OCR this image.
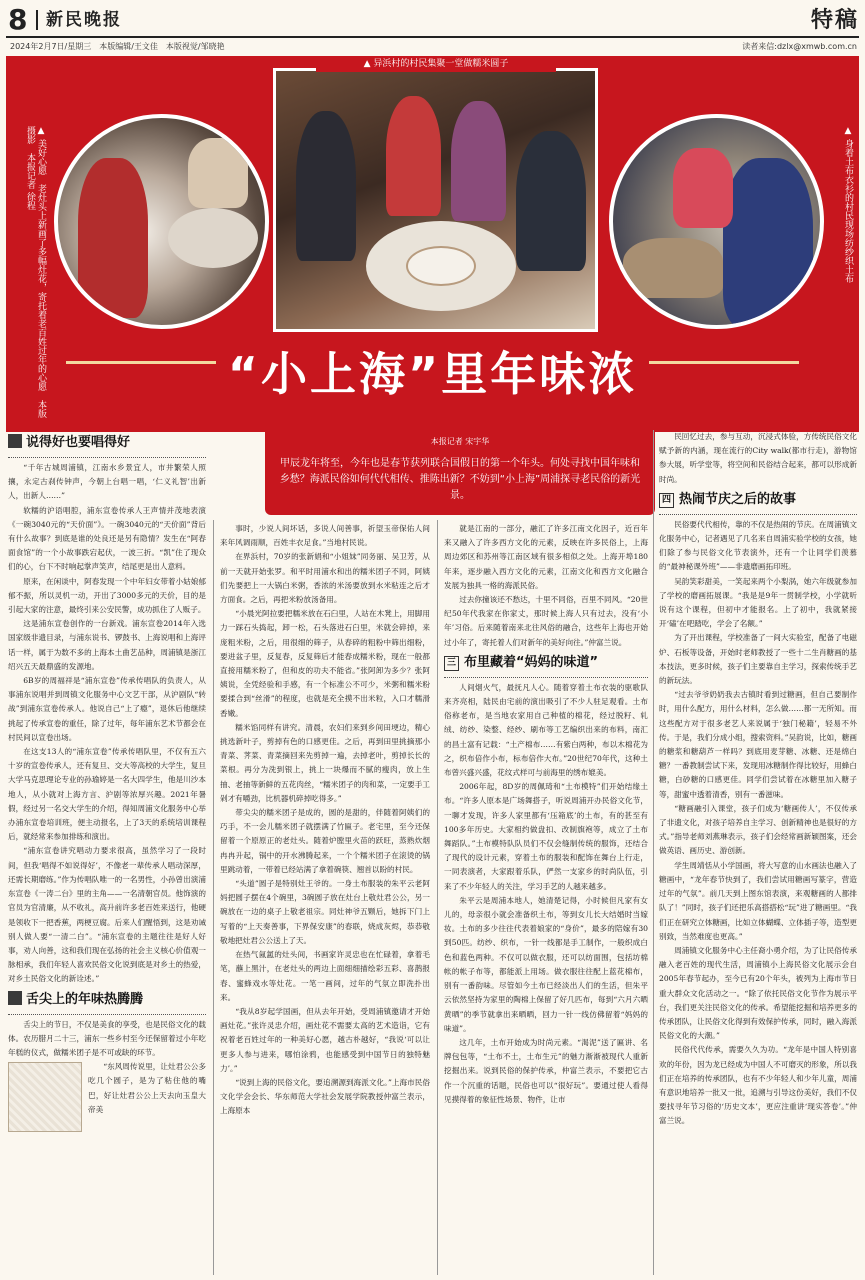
8 新民晚报	特稿
2024年2月7日/星期三　本版编辑/王文佳　本版视觉/邹晓艳	读者来信:dzlx@xmwb.com.cn
▲ 异浜村的村民集聚一堂做糯米圆子
▲ 美好心愿　老灶头上新画了多幅灶花，寄托着老百姓过年的心愿　本版摄影　本报记者 徐程	▲ 身着土布衣衫的村民现场纺纱织土布
“小上海”里年味浓
本报记者 宋宇华
甲辰龙年将至，今年也是春节获列联合国假日的第一个年头。何处寻找中国年味和乡愁？海派民俗如何代代相传、推陈出新？不妨到“小上海”周浦探寻老民俗的新光景。
说得好也要唱得好

“千年古城周浦镇，江南水乡景宜人，市井繁荣人照攘，永定古刹传钟声，今朝上台唱一唱，‘仁义礼智’出新人，出新人……”

软糯的沪语唱腔，浦东宣卷传承人王声情并茂地表演《一碗3040元的“天价面”》。一碗3040元的“天价面”背后有什么故事？到底是谁的处良还是另有隐情？发生在“阿春面食馆”的一个小故事跌宕起伏，一波三折。“凯”住了现众们的心，台下不时响起掌声笑声，结尾更是出人意料。

原来，在闲谈中，阿春发现一个中年妇女带着小姑娘郁郁不振，所以灵机一动，开出了3000多元的天价，目的是引起大家的注意，最终引来公安民警，成功抓住了人贩子。

这是浦东宣卷创作的一台新戏。浦东宣卷2014年入选国家级非遗目录，与浦东说书、锣鼓书、上海说唱和上海评话一样，属于为数不多的上海本土曲艺品种，周浦镇是浙江绍兴五天最鼎盛的发源地。

6B岁的周福祥是“浦东宣卷”传承传唱队的负责人，从事浦东说唱并到周镇文化服务中心文艺干部，从沪剧队“转战”到浦东宣卷传承人。他说自己“上了瘾”，退休后他继续挑起了传承宣卷的重任，除了过年，每年浦东艺术节都会在村民间以宣卷出场。

在这支13人的“浦东宣卷”传承传唱队里，不仅有五六十岁的宣卷传承人，还有复旦、交大等高校的大学生，复旦大学马克思理论专业的孙瑜婷是一名大四学生，他是川沙本地人，从小就对上海方言、沪剧等浓厚兴趣。2021年暑假，经过另一名交大学生的介绍，得知周浦文化服务中心举办浦东宣卷培训班，便主动报名，上了3天的系统培训课程后，就经常来参加排练和演出。

“浦东宣卷讲究唱动力要求很高，虽然学习了一段时间，但我‘唱得不如说得好’，不像老一辈传承人唱动深厚，还需长期磨练。”作为传唱队唯一的一名男性，小孙曾出演浦东宣卷《一涛二台》里的主角——一名清朝官员。他饰演的官员为官清廉，从不收礼，高升前许多老百姓来送行，他硬是领收下一把香蕉，两梗豆腐。后来人们醒悟到，这是劝诫别人做人要“一清二白”。“浦东宣卷的主题往往是好人好事，劝人向善，这和我们现在弘扬的社会主义核心价值观一脉相承，我们年轻人喜欢民俗文化说到底是对乡土的热爱，对乡土民俗文化的新诠述。”

舌尖上的年味热腾腾

舌尖上的节日，不仅是美食的享受，也是民俗文化的载体。农历腊月二十三，浦东一些乡村至今还保留着过小年吃年糕的仪式，做糯米团子是不可或缺的环节。

“东风周传说里，让灶君公公多吃几个圆子，是为了粘住他的嘴巴，好让灶君公公上天去向玉皇大帝美

事时，少说人间坏话，多说人间善事，祈望玉帝保佑人间来年风调雨顺，百姓丰衣足食。”当地村民说。

在界浜村，70岁的张新娟和“小姐妹”同务丽、吴卫芳，从前一天就开始张罗。和平时用浦水和出的糯米团子不同，阿姨们先要把上一大锅白米粥，香浓的米汤要放到水米粘连之后才方面食。之后，再把米粉放汤备用。

“小晨光阿拉要把糯米放在石臼里，人站在木凳上，用脚用力一踩石头捣起，卸一松，石头落进石臼里，米就会碎掉，来庞粗米粉，之后，用很细的筛子，从春碎的粗粉中筛出细粉，要进盆子里，反复春，反复筛后才能春成糯米粉，现在一般都直接用糯米粉了，但和皮的功夫不能省。”张阿卸为多少？张阿姨说，全凭经验和手感，有一个标准公不可少，米粥和糯米粉要揉合到“丝滑”的程度，也就是充全摸不出米粒，入口才糯滑香嫩。

糯米馅同样有讲究。清晨，农妇们来到乡间田埂边，精心挑选新叶子，剪掉有色的口感更佳。之后，再到田里挑摘那小青菜、荠菜、青菜摘回来先剪掉一遍，去掉老叶，剪掉长长的菜根。再分为洗到银上，挑上一块爆而不腻的瘦肉，放上生抽、老抽等新鲜的五花肉丝，“糯米团子的肉和菜，一定要手工剁才有嚼劲，比机器机碎掉吃得多。”

带尖尖的糯米团子是成的，圆的是甜的，伴随着阿姨们的巧手，不一会儿糯米团子就摆满了竹匾子。老宅里，至今还保留着一个原原正的老灶头。随着炉膛里火苗的跃旺，蒸熟炊烟冉冉升起，锅中的开水沸腾起来，一个个糯米团子在滚烫的锅里跳动着，一带着已经站满了拿着碗筷、翘首以盼的村民。

“头道”圆子是特别灶王爷的。一身土布服装的朱平云老阿妈把圆子摆在4个碗里，3碗圆子放在灶台上敬灶君公公，另一碗放在一边的桌子上敬老祖宗。同灶神爷五颗后，她拆下门上写着的“上天奏善事，下界保安康”的春联，烧成灰烬，恭恭敬敬地把灶君公公送上了天。

在热气氤氲的灶头间，书画家许灵忠也在忙碌着，拿着毛笔，蘸上黑汁，在老灶头的两边上面细细描绘彩五彩、喜鹊报春、蜜蜂戏水等灶花。一笔一画间，过年的气氛立即洗扑出来。

“我从8岁起学国画，但从去年开始，受周浦镇邀请才开始画灶花。”张许灵忠介绍，画灶花不需要太高的艺术造诣，它有祝着老百姓过年的一种美好心愿，越古朴越好，“我说‘可以让更多人参与进来，哪怕涂鸦，也能感受到中国节日的独特魅力’。”

“说到上海的民俗文化，要追溯源到海派文化。”上海市民俗文化学会会长、华东师范大学社会发展学院教授仲富兰表示，上海原本

就是江南的一部分，融汇了许多江南文化因子，近百年来又融入了许多西方文化的元素，反映在许多民俗上，上海周边郊区和苏州等江南区域有很多相似之处。上海开埠180年来，逐步融入西方文化的元素，江南文化和西方文化融合发展为独具一格的海派民俗。

过去你撞该还不愁达，十里不同俗，百里不同风。“20世纪50年代我家在你家丈，那时候上海人只有过去，没有‘小年’习俗。后来随着南来北往风俗的融合，这些年上海也开始过小年了，寄托着人们对新年的美好向往。”仲富兰说。

三 布里藏着“妈妈的味道”

人间烟火气，最抚凡人心。随着穿着土布衣装的驱歌队来齐亮相，陆民由宅前的演出吸引了不少人驻足观看。土布俗称老布，是当地农家用自己种植的棉花，经过脱籽、轧绒、纺纱、染整、经纱、刷布等工艺编织出来的布料，南汇的昌土富有记载：“土产棉布……有紫白两种，布以木棉花为之，织布倍作小布，标布倍作大布。”20世纪70年代，这种土布曾兴盛兴盛，花纹式样可与前海里的绣布媲美。

2006年起，8D岁的周佩琦和“土布模特”们开始结缘土布。“许多人原本是广场舞搭子，听说周浦开办民俗文化节，一聊才发现，许多人家里都有‘压箱底’的土布，有的甚至有100多年历史。大家相约做盘扣、改制旗袍等，成立了土布舞蹈队。”土布模特队队员们不仅会缝制传统的服饰，还结合了现代的设计元素，穿着土布的服装和配饰在舞台上行走，一同表演者，大家跟着乐队，俨然一支家乡的时尚队伍，引来了不少年轻人的关注，学习手艺的人越来越多。

朱平云是周浦本地人，她清楚记得，小时候但凡家有女儿的，母亲很小就会准备织土布，等到女儿长大结婚时当嫁妆。土布的多少往往代表着娘家的“身价”，最多的陪嫁有30到50匹。纺纱、织布，一针一线都是手工制作，一般织成白色和蓝色两种。不仅可以做衣服，还可以纺面围，包括坊棉帐的帐子布等，都能派上用场。做衣服往往配上蓝花棉布，别有一番韵味。尽管如今土布已经淡出人们的生活，但朱平云依然坚持为家里的陶棉上保留了好几匹布，每到“六月六晒黄晒”的季节就拿出来晒晒，回力一针一线仿佛留着“妈妈的味道”。

这几年，土布开始成为时尚元素。“渴泥”送了匾讲、名牌包包等，“土布不土，土布生元”的魅力渐渐被现代人重新挖掘出来。说到民俗的保护传承，仲富兰表示，不要把它古作一个沉重的话题，民俗也可以“很好玩”。要通过使人看得见摸得着的象征性场景、物件，让市

民回忆过去，参与互动，沉浸式体验，方传统民俗文化赋予新的内涵，现在流行的City walk(都市行走)，游物馆参大展，听学堂等，将空间和民俗结合起来，都可以形成新时尚。

四 热闹节庆之后的故事

民俗要代代相传，靠的不仅是热闹的节庆。在周浦镇文化服务中心，记者遇见了几名来自周浦实验学校的女孩，她们除了参与民俗文化节表演外，还有一个让同学们羡慕的“最神秘课外班”——非遗磨画拓印班。

吴韵笑彩甜美，一笑起来两个小梨涡，她六年级就参加了学校的磨画拓展课。“我是是9年一贯制学校，小学就听说有这个课程，但初中才能报名。上了初中，我就紧接开‘磕’在吧踏吃，学会了名额。”

为了开出课程，学校准备了一间大实验室，配备了电磁炉、石板等设备，开始时老师教授了一些十二生肖糖画的基本技法，更多时候，孩子们主要靠自主学习，探索传统手艺的新玩法。

“过去爷爷奶奶我去古镇时看到过糖画，但自己要制作时，用什么配方，用什么材料，怎么做……都一无所知。而这些配方对于很多老艺人来说属于‘独门秘籍’，轻易不外传。于是，我们分成小组，搜索资料。”吴韵说，比如，糖画的糖浆和糖葫芦一样吗？到底用麦芽糖、冰糖、还是绵白糖？一番教制尝试下来，发现用冰糖制作得比较好，用蜂白糖，白砂糖的口感更佳。同学们尝试着在冰糖里加入糖子等，甜蜜中透着清香，别有一番滋味。

“糖画融引入课堂，孩子们成为‘糖画传人’，不仅传承了非遗文化，对孩子培养自主学习、创新精神也是很好的方式。”指导老师刘燕琳表示，孩子们会经常画新颖图案，还会做英语、画历史、游创新。

学生周靖恬从小学国画，将大写意的山水画法也融入了糖画中，“龙年春节快到了，我们尝试用糖画写篆字，营造过年的气氛”。前几天到上图东馆表演，来观糖画的人都排队了！”同时，孩子们还把乐高搭搭松“玩”进了糖画里。“我们正在研究立体糖画，比如立体蝴蝶、立体插子等，造型更别致，当然难度也更高。”

周浦镇文化服务中心主任裔小勇介绍，为了让民俗传承融入老百姓的现代生活，周浦镇小上海民俗文化展示会自2005年春节起办，至今已有20个年头，被列为上海市节日重大群众文化活动之一。“除了依托民俗文化节作为展示平台，我们更关注民俗文化的传承。希望能挖掘和培养更多的传承团队，让民俗文化得到有效保护传承，同时，融入海派民俗文化的大潮。”

民俗代代传承，需要久久为功。“龙年是中国人特别喜欢的年份，因为龙已经成为中国人不可磨灭的形象，所以我们正在培养的传承团队，也有不少年轻人和少年儿童，周浦有意识地培养一批又一批，追溯与引导这份美好，我们不仅要找寻年节习俗的‘历史文本’，更应注重讲‘现实答卷’。”仲富兰说。
